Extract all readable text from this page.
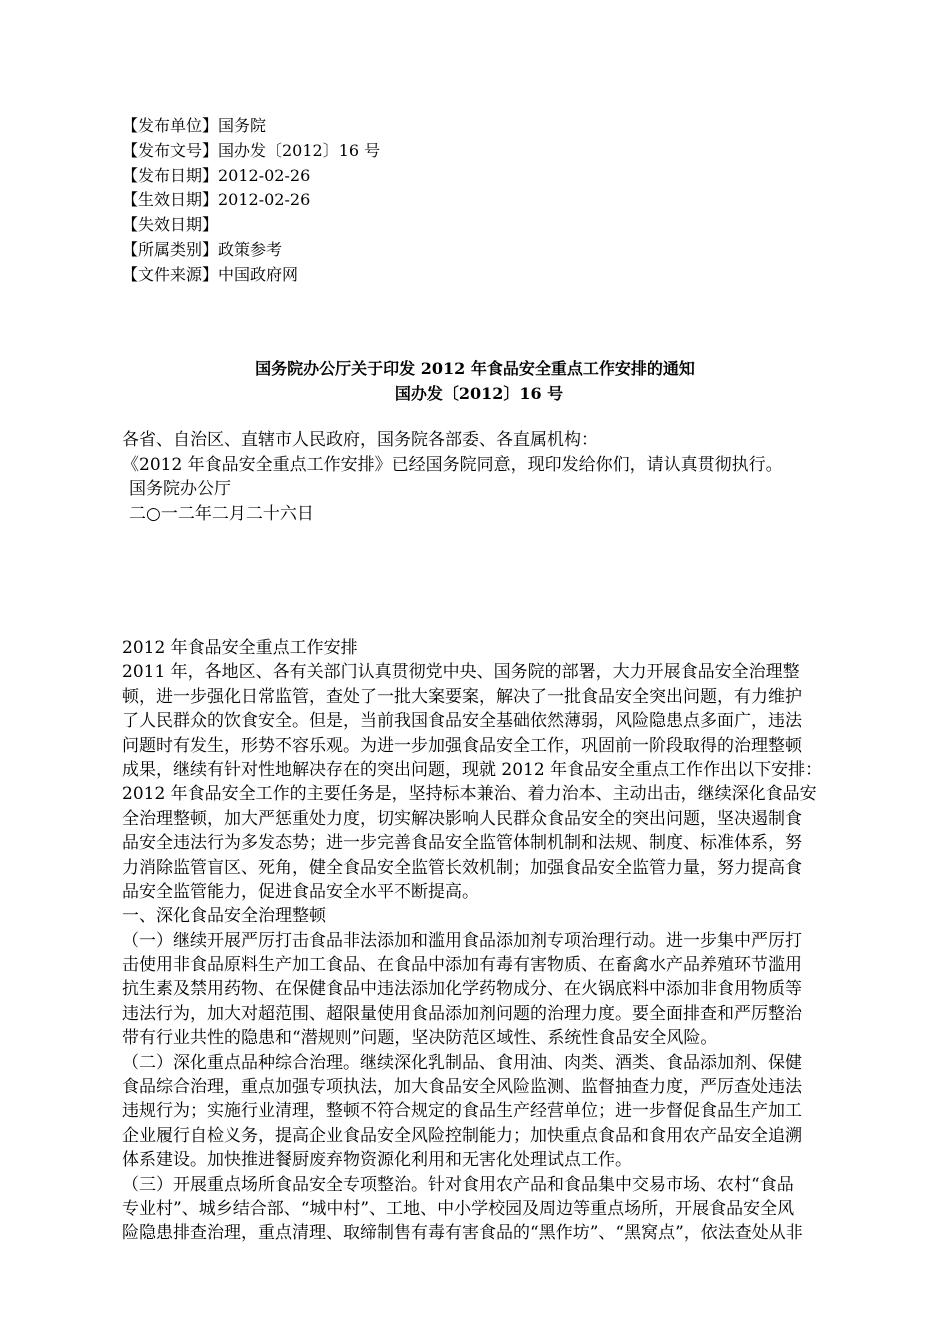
【发布单位】国务院
【发布文号】国办发〔2012〕16 号
【发布日期】2012-02-26
【生效日期】2012-02-26
【失效日期】
【所属类别】政策参考
【文件来源】中国政府网
国务院办公厅关于印发 2012 年食品安全重点工作安排的通知
国办发〔2012〕16 号
各省、自治区、直辖市人民政府，国务院各部委、各直属机构：
《2012 年食品安全重点工作安排》已经国务院同意，现印发给你们，请认真贯彻执行。
国务院办公厅
二○一二年二月二十六日
2012 年食品安全重点工作安排
2011 年，各地区、各有关部门认真贯彻党中央、国务院的部署，大力开展食品安全治理整
顿，进一步强化日常监管，查处了一批大案要案，解决了一批食品安全突出问题，有力维护
了人民群众的饮食安全。但是，当前我国食品安全基础依然薄弱，风险隐患点多面广，违法
问题时有发生，形势不容乐观。为进一步加强食品安全工作，巩固前一阶段取得的治理整顿
成果，继续有针对性地解决存在的突出问题，现就 2012 年食品安全重点工作作出以下安排：
2012 年食品安全工作的主要任务是，坚持标本兼治、着力治本、主动出击，继续深化食品安
全治理整顿，加大严惩重处力度，切实解决影响人民群众食品安全的突出问题，坚决遏制食
品安全违法行为多发态势；进一步完善食品安全监管体制机制和法规、制度、标准体系，努
力消除监管盲区、死角，健全食品安全监管长效机制；加强食品安全监管力量，努力提高食
品安全监管能力，促进食品安全水平不断提高。
一、深化食品安全治理整顿
（一）继续开展严厉打击食品非法添加和滥用食品添加剂专项治理行动。进一步集中严厉打
击使用非食品原料生产加工食品、在食品中添加有毒有害物质、在畜禽水产品养殖环节滥用
抗生素及禁用药物、在保健食品中违法添加化学药物成分、在火锅底料中添加非食用物质等
违法行为，加大对超范围、超限量使用食品添加剂问题的治理力度。要全面排查和严厉整治
带有行业共性的隐患和“潜规则”问题，坚决防范区域性、系统性食品安全风险。
（二）深化重点品种综合治理。继续深化乳制品、食用油、肉类、酒类、食品添加剂、保健
食品综合治理，重点加强专项执法，加大食品安全风险监测、监督抽查力度，严厉查处违法
违规行为；实施行业清理，整顿不符合规定的食品生产经营单位；进一步督促食品生产加工
企业履行自检义务，提高企业食品安全风险控制能力；加快重点食品和食用农产品安全追溯
体系建设。加快推进餐厨废弃物资源化利用和无害化处理试点工作。
（三）开展重点场所食品安全专项整治。针对食用农产品和食品集中交易市场、农村“食品
专业村”、城乡结合部、“城中村”、工地、中小学校园及周边等重点场所，开展食品安全风
险隐患排查治理，重点清理、取缔制售有毒有害食品的“黑作坊”、“黑窝点”，依法查处从非
